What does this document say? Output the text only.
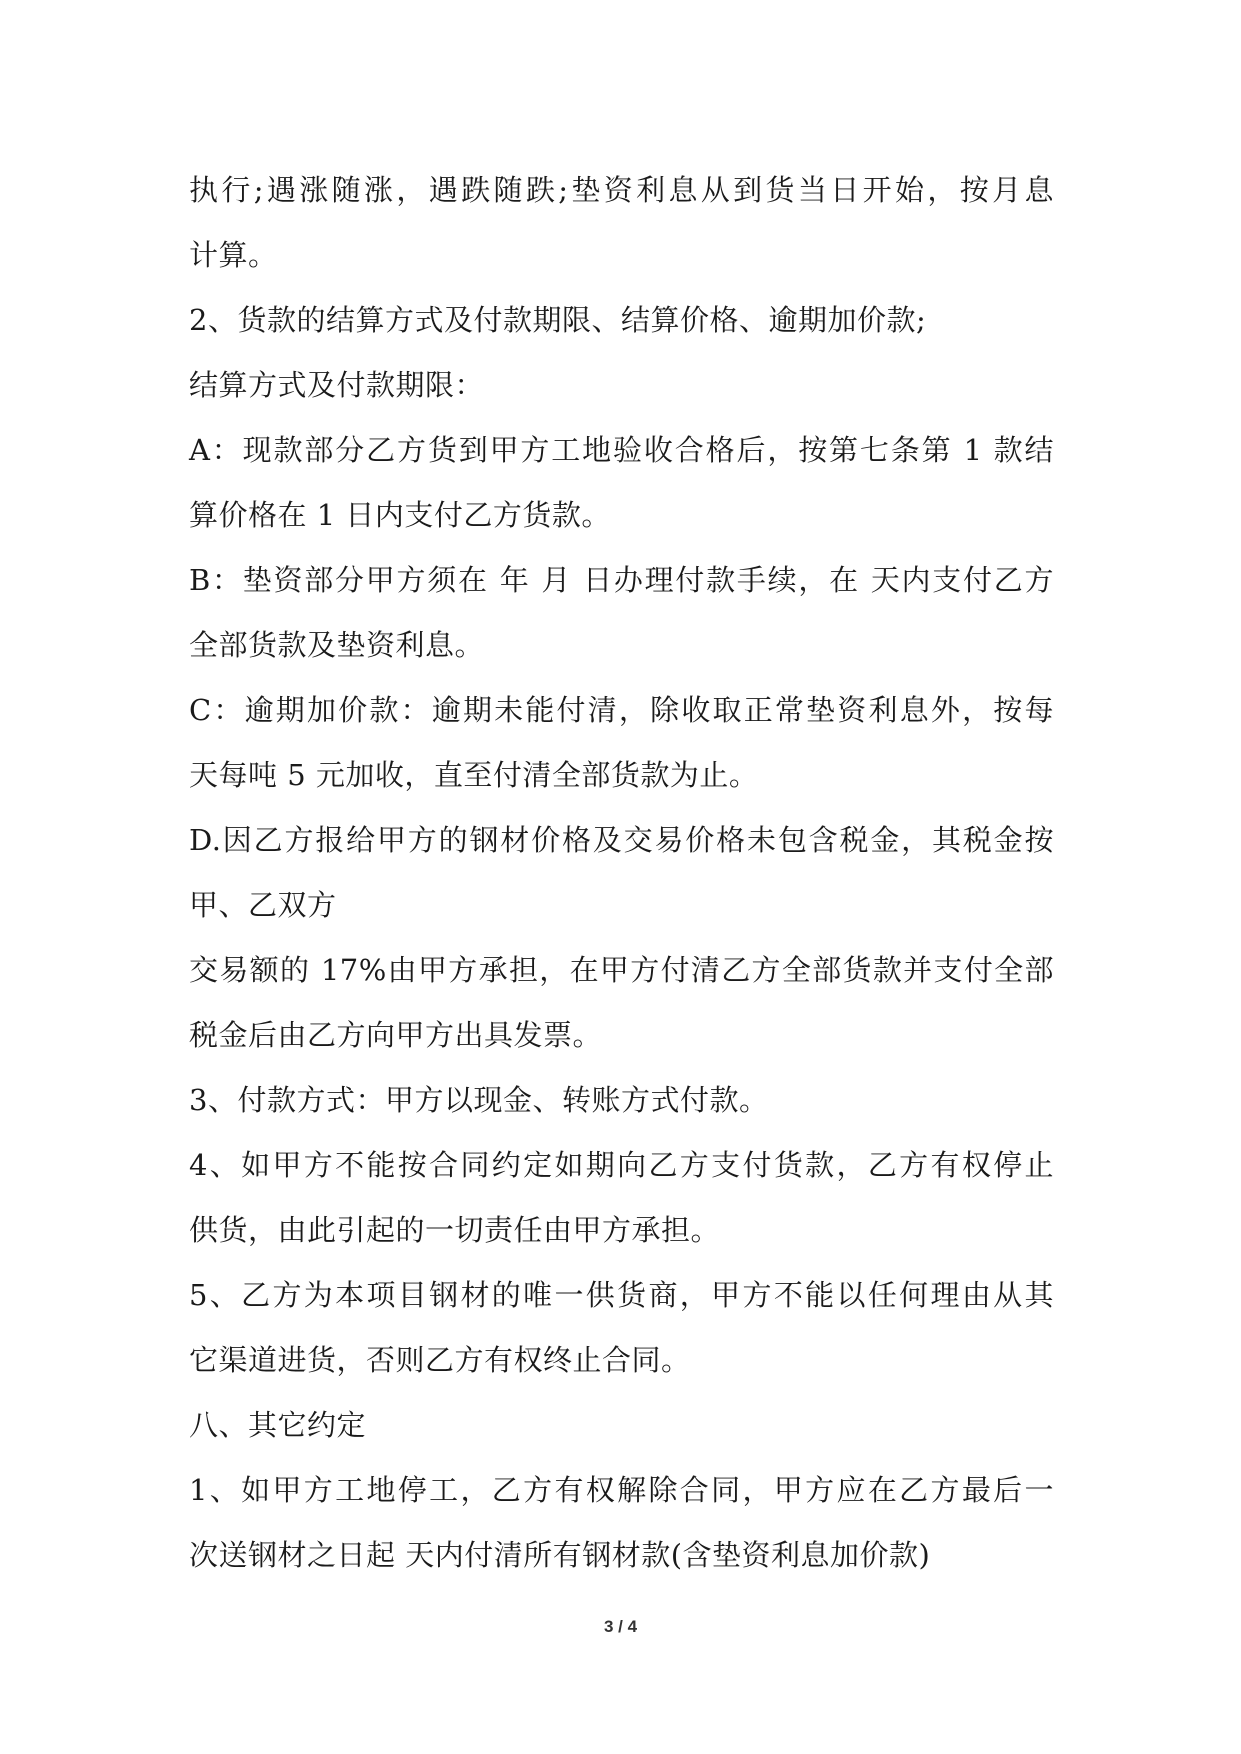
执行;遇涨随涨，遇跌随跌;垫资利息从到货当日开始，按月息
计算。
2、货款的结算方式及付款期限、结算价格、逾期加价款;
结算方式及付款期限：
A：现款部分乙方货到甲方工地验收合格后，按第七条第 1 款结
算价格在 1 日内支付乙方货款。
B：垫资部分甲方须在 年 月 日办理付款手续，在 天内支付乙方
全部货款及垫资利息。
C：逾期加价款：逾期未能付清，除收取正常垫资利息外，按每
天每吨 5 元加收，直至付清全部货款为止。
D.因乙方报给甲方的钢材价格及交易价格未包含税金，其税金按
甲、乙双方
交易额的 17%由甲方承担，在甲方付清乙方全部货款并支付全部
税金后由乙方向甲方出具发票。
3、付款方式：甲方以现金、转账方式付款。
4、如甲方不能按合同约定如期向乙方支付货款，乙方有权停止
供货，由此引起的一切责任由甲方承担。
5、乙方为本项目钢材的唯一供货商，甲方不能以任何理由从其
它渠道进货，否则乙方有权终止合同。
八、其它约定
1、如甲方工地停工，乙方有权解除合同，甲方应在乙方最后一
次送钢材之日起 天内付清所有钢材款(含垫资利息加价款)
3 / 4
